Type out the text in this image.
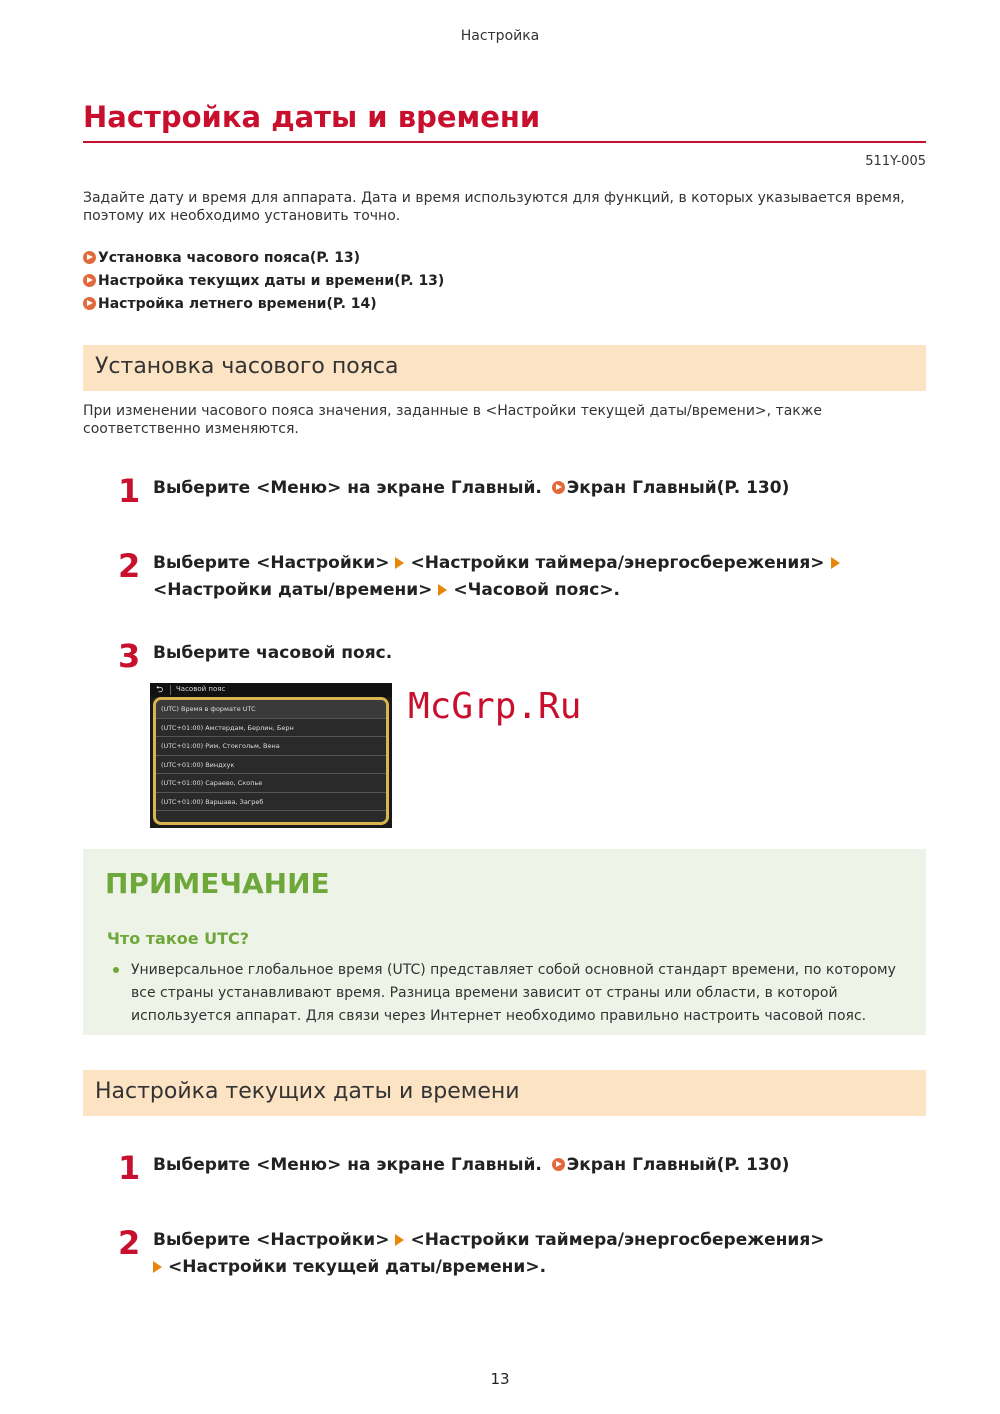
Настройка
Настройка даты и времени
511Y-005

Задайте дату и время для аппарата. Дата и время используются для функций, в которых указывается время, поэтому их необходимо установить точно.

Установка часового пояса(P. 13)
Настройка текущих даты и времени(P. 13)
Настройка летнего времени(P. 14)
Установка часового пояса

При изменении часового пояса значения, заданные в <Настройки текущей даты/времени>, также соответственно изменяются.

1 Выберите <Меню> на экране Главный. Экран Главный(P. 130)
2 Выберите <Настройки> <Настройки таймера/энергосбережения>
<Настройки даты/времени> <Часовой пояс>.
3 Выберите часовой пояс.
⮌	Часовой пояс
(UTC) Время в формате UTC
(UTC+01:00) Амстердам, Берлин, Берн
(UTC+01:00) Рим, Стокгольм, Вена
(UTC+01:00) Виндхук
(UTC+01:00) Сараево, Скопье
(UTC+01:00) Варшава, Загреб
McGrp.Ru
ПРИМЕЧАНИЕ
Что такое UTC?

Универсальное глобальное время (UTC) представляет собой основной стандарт времени, по которому все страны устанавливают время. Разница времени зависит от страны или области, в которой используется аппарат. Для связи через Интернет необходимо правильно настроить часовой пояс.

Настройка текущих даты и времени
1 Выберите <Меню> на экране Главный. Экран Главный(P. 130)
2 Выберите <Настройки> <Настройки таймера/энергосбережения>
<Настройки текущей даты/времени>.
13
